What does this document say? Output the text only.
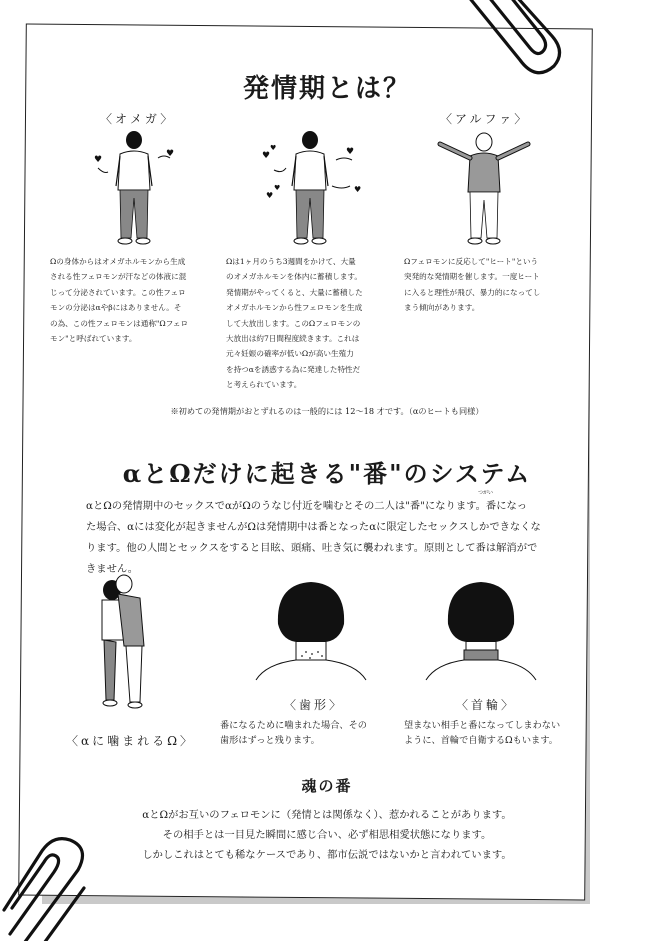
発情期とは？
〈オメガ〉	〈アルファ〉
♥
♥	♥
♥	♥
♥
♥	♥
Ωの身体からはオメガホルモンから生成
される性フェロモンが汗などの体液に混
じって分泌されています。この性フェロ
モンの分泌はαやβにはありません。そ
の為、この性フェロモンは通称"Ωフェロ
モン"と呼ばれています。
Ωは1ヶ月のうち3週間をかけて、大量
のオメガホルモンを体内に蓄積します。
発情期がやってくると、大量に蓄積した
オメガホルモンから性フェロモンを生成
して大放出します。このΩフェロモンの
大放出は約7日間程度続きます。これは
元々妊娠の確率が低いΩが高い生殖力
を持つαを誘惑する為に発達した特性だ
と考えられています。
Ωフェロモンに反応して"ヒート"という
突発的な発情期を催します。一度ヒート
に入ると理性が飛び、暴力的になってし
まう傾向があります。
※初めての発情期がおとずれるのは一般的には 12〜18 才です。（αのヒートも同様）
αとΩだけに起きる"番"のシステム
つがい
αとΩの発情期中のセックスでαがΩのうなじ付近を噛むとその二人は"番"になります。番になっ
た場合、αには変化が起きませんがΩは発情期中は番となったαに限定したセックスしかできなくな
ります。他の人間とセックスをすると目眩、頭痛、吐き気に襲われます。原則として番は解消がで
きません。
〈αに噛まれるΩ〉
〈歯形〉
番になるために噛まれた場合、その
歯形はずっと残ります。
〈首輪〉
望まない相手と番になってしまわない
ように、首輪で自衛するΩもいます。
魂の番
αとΩがお互いのフェロモンに（発情とは関係なく）、惹かれることがあります。
その相手とは一目見た瞬間に感じ合い、必ず相思相愛状態になります。
しかしこれはとても稀なケースであり、都市伝説ではないかと言われています。
